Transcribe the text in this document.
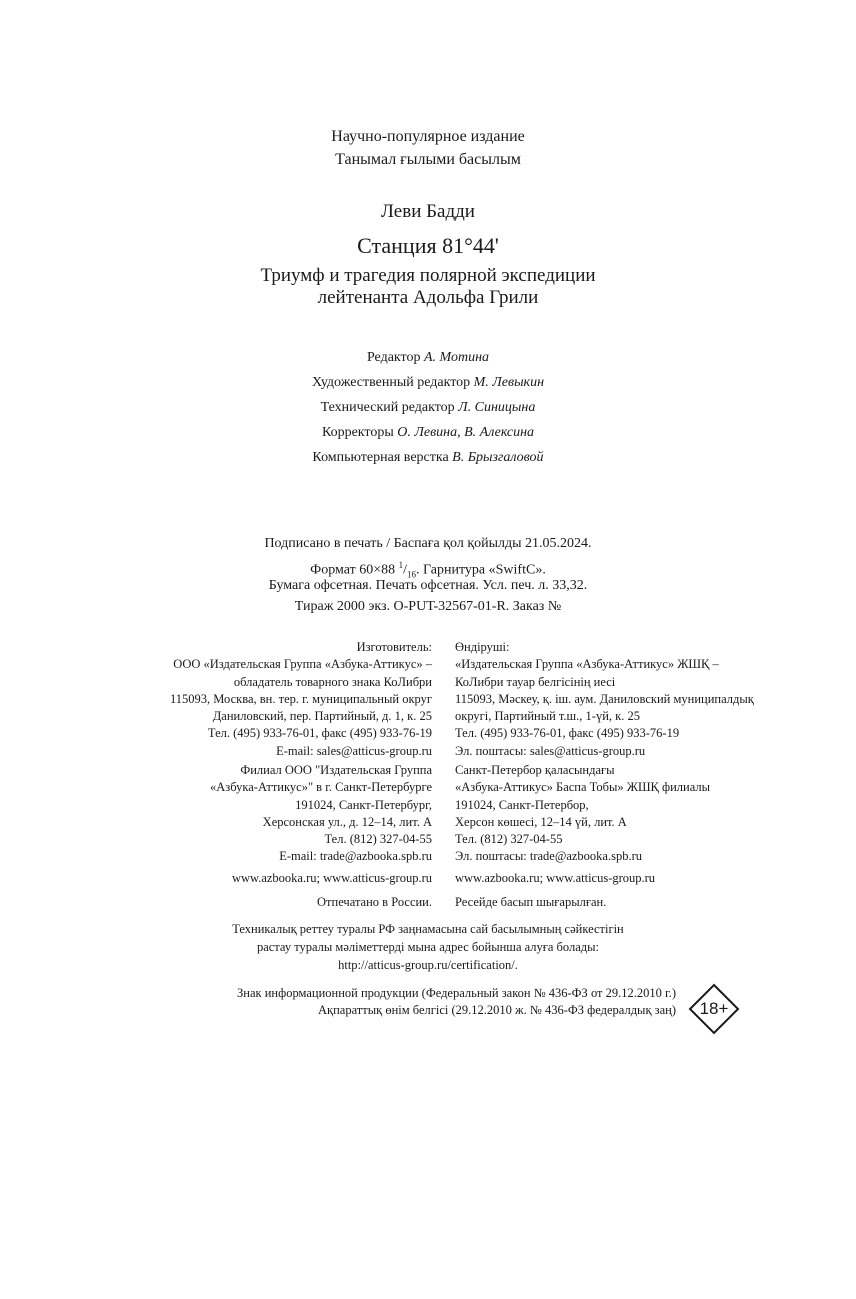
Научно-популярное издание
Танымал ғылыми басылым
Леви Бадди
Станция 81°44'
Триумф и трагедия полярной экспедиции
лейтенанта Адольфа Грили
Редактор А. Мотина
Художественный редактор М. Левыкин
Технический редактор Л. Синицына
Корректоры О. Левина, В. Алексина
Компьютерная верстка В. Брызгаловой
Подписано в печать / Баспаға қол қойылды 21.05.2024.
Формат 60×88 $^1/_{16}$. Гарнитура «SwiftC».
Бумага офсетная. Печать офсетная. Усл. печ. л. 33,32.
Тираж 2000 экз. O-PUT-32567-01-R. Заказ №
Изготовитель:
ООО «Издательская Группа «Азбука-Аттикус» –
обладатель товарного знака КоЛибри
115093, Москва, вн. тер. г. муниципальный округ
Даниловский, пер. Партийный, д. 1, к. 25
Тел. (495) 933-76-01, факс (495) 933-76-19
E-mail: sales@atticus-group.ru
Өндіруші:
«Издательская Группа «Азбука-Аттикус» ЖШҚ –
КоЛибри тауар белгісінің иесі
115093, Мәскеу, қ. іш. аум. Даниловский муниципалдық
округі, Партийный т.ш., 1-үй, к. 25
Тел. (495) 933-76-01, факс (495) 933-76-19
Эл. поштасы: sales@atticus-group.ru
Филиал ООО "Издательская Группа
«Азбука-Аттикус»" в г. Санкт-Петербурге
191024, Санкт-Петербург,
Херсонская ул., д. 12–14, лит. А
Тел. (812) 327-04-55
E-mail: trade@azbooka.spb.ru
Санкт-Петербор қаласындағы
«Азбука-Аттикус» Баспа Тобы» ЖШҚ филиалы
191024, Санкт-Петербор,
Херсон көшесі, 12–14 үй, лит. А
Тел. (812) 327-04-55
Эл. поштасы: trade@azbooka.spb.ru
www.azbooka.ru; www.atticus-group.ru www.azbooka.ru; www.atticus-group.ru
Отпечатано в России. Ресейде басып шығарылған.
Техникалық реттеу туралы РФ заңнамасына сай басылымның сәйкестігін
растау туралы мәліметтерді мына адрес бойынша алуға болады:
http://atticus-group.ru/certification/.
Знак информационной продукции (Федеральный закон № 436-ФЗ от 29.12.2010 г.)
Ақпараттық өнім белгісі (29.12.2010 ж. № 436-ФЗ федералдық заң)	18+
